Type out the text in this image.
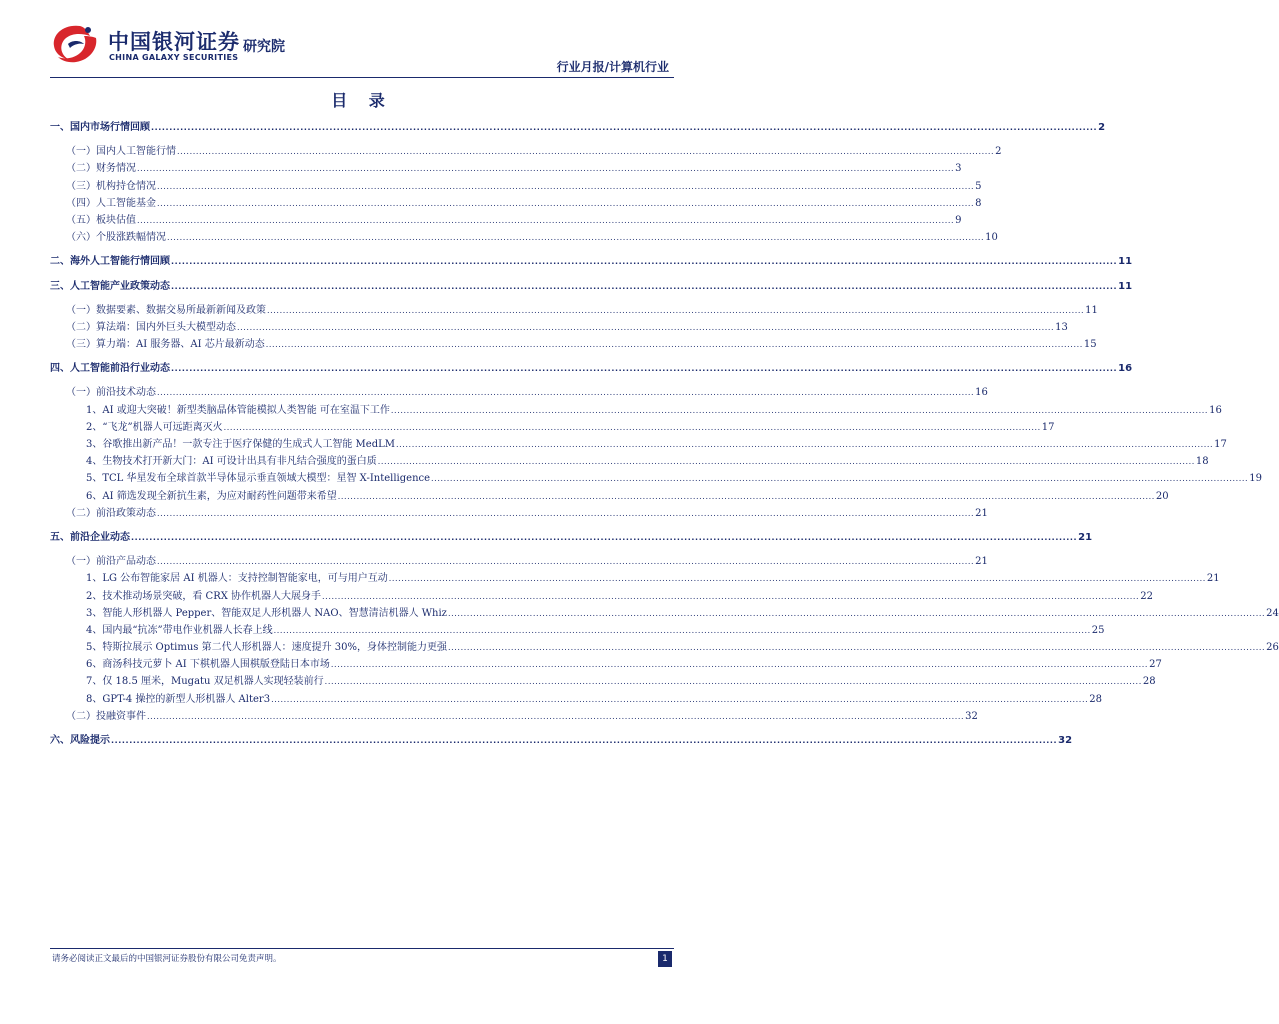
中国银河证券
CHINA GALAXY SECURITIES
研究院
行业月报/计算机行业
目 录
一、国内市场行情回顾 .................................................................................................................................................................................................................................................................... 2
（一）国内人工智能行情 .................................................................................................................................................................................................................................................................... 2
（二）财务情况 .................................................................................................................................................................................................................................................................... 3
（三）机构持仓情况 .................................................................................................................................................................................................................................................................... 5
（四）人工智能基金 .................................................................................................................................................................................................................................................................... 8
（五）板块估值 .................................................................................................................................................................................................................................................................... 9
（六）个股涨跌幅情况 .................................................................................................................................................................................................................................................................... 10
二、海外人工智能行情回顾 .................................................................................................................................................................................................................................................................... 11
三、人工智能产业政策动态 .................................................................................................................................................................................................................................................................... 11
（一）数据要素、数据交易所最新新闻及政策 .................................................................................................................................................................................................................................................................... 11
（二）算法端：国内外巨头大模型动态 .................................................................................................................................................................................................................................................................... 13
（三）算力端：AI 服务器、AI 芯片最新动态 .................................................................................................................................................................................................................................................................... 15
四、人工智能前沿行业动态 .................................................................................................................................................................................................................................................................... 16
（一）前沿技术动态 .................................................................................................................................................................................................................................................................... 16
1、AI 或迎大突破！新型类脑晶体管能模拟人类智能 可在室温下工作 .................................................................................................................................................................................................................................................................... 16
2、“飞龙”机器人可远距离灭火 .................................................................................................................................................................................................................................................................... 17
3、谷歌推出新产品！一款专注于医疗保健的生成式人工智能 MedLM .................................................................................................................................................................................................................................................................... 17
4、生物技术打开新大门：AI 可设计出具有非凡结合强度的蛋白质 .................................................................................................................................................................................................................................................................... 18
5、TCL 华星发布全球首款半导体显示垂直领域大模型：星智 X-Intelligence .................................................................................................................................................................................................................................................................... 19
6、AI 筛选发现全新抗生素，为应对耐药性问题带来希望 .................................................................................................................................................................................................................................................................... 20
（二）前沿政策动态 .................................................................................................................................................................................................................................................................... 21
五、前沿企业动态 .................................................................................................................................................................................................................................................................... 21
（一）前沿产品动态 .................................................................................................................................................................................................................................................................... 21
1、LG 公布智能家居 AI 机器人：支持控制智能家电，可与用户互动 .................................................................................................................................................................................................................................................................... 21
2、技术推动场景突破，看 CRX 协作机器人大展身手 .................................................................................................................................................................................................................................................................... 22
3、智能人形机器人 Pepper、智能双足人形机器人 NAO、智慧清洁机器人 Whiz .................................................................................................................................................................................................................................................................... 24
4、国内最“抗冻”带电作业机器人长春上线 .................................................................................................................................................................................................................................................................... 25
5、特斯拉展示 Optimus 第二代人形机器人：速度提升 30%，身体控制能力更强 .................................................................................................................................................................................................................................................................... 26
6、商汤科技元萝卜 AI 下棋机器人围棋版登陆日本市场 .................................................................................................................................................................................................................................................................... 27
7、仅 18.5 厘米，Mugatu 双足机器人实现轻装前行 .................................................................................................................................................................................................................................................................... 28
8、GPT-4 操控的新型人形机器人 Alter3 .................................................................................................................................................................................................................................................................... 28
（二）投融资事件 .................................................................................................................................................................................................................................................................... 32
六、风险提示 .................................................................................................................................................................................................................................................................... 32
请务必阅读正文最后的中国银河证券股份有限公司免责声明。	1
